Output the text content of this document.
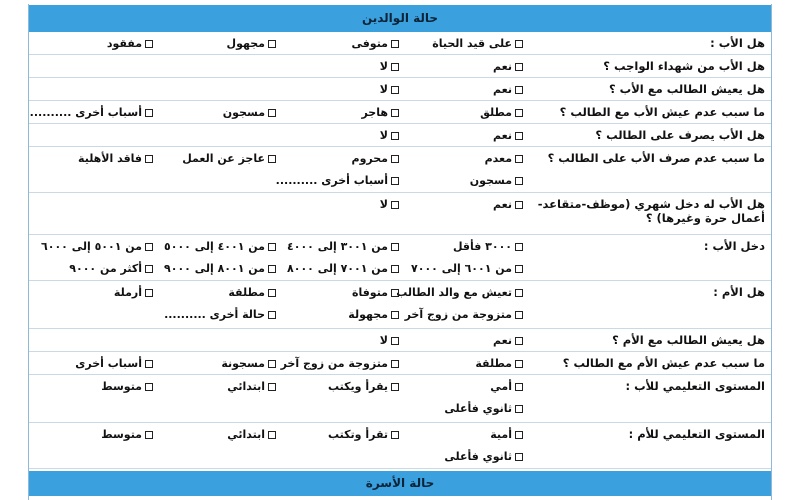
حالة الوالدين
هل الأب :
على قيد الحياة
متوفى
مجهول
مفقود
هل الأب من شهداء الواجب ؟
نعم
لا
هل يعيش الطالب مع الأب ؟
نعم
لا
ما سبب عدم عيش الأب مع الطالب ؟
مطلق
هاجر
مسجون
أسباب أخرى ..........
هل الأب يصرف على الطالب ؟
نعم
لا
ما سبب عدم صرف الأب على الطالب ؟
معدم
محروم
عاجز عن العمل
فاقد الأهلية
مسجون
أسباب أخرى ..........
هل الأب له دخل شهري (موظف-متقاعد-أعمال حرة وغيرها) ؟
نعم
لا
دخل الأب :
٣٠٠٠ فأقل
من ٣٠٠١ إلى ٤٠٠٠
من ٤٠٠١ إلى ٥٠٠٠
من ٥٠٠١ إلى ٦٠٠٠
من ٦٠٠١ إلى ٧٠٠٠
من ٧٠٠١ إلى ٨٠٠٠
من ٨٠٠١ إلى ٩٠٠٠
أكثر من ٩٠٠٠
هل الأم :
تعيش مع والد الطالب
متوفاة
مطلقة
أرملة
متزوجة من زوج آخر
مجهولة
حالة أخرى ..........
هل يعيش الطالب مع الأم ؟
نعم
لا
ما سبب عدم عيش الأم مع الطالب ؟
مطلقة
متزوجة من زوج آخر
مسجونة
أسباب أخرى
المستوى التعليمي للأب :
أمي
يقرأ ويكتب
ابتدائي
متوسط
ثانوي فأعلى
المستوى التعليمي للأم :
أمية
تقرأ وتكتب
ابتدائي
متوسط
ثانوي فأعلى
حالة الأسرة
